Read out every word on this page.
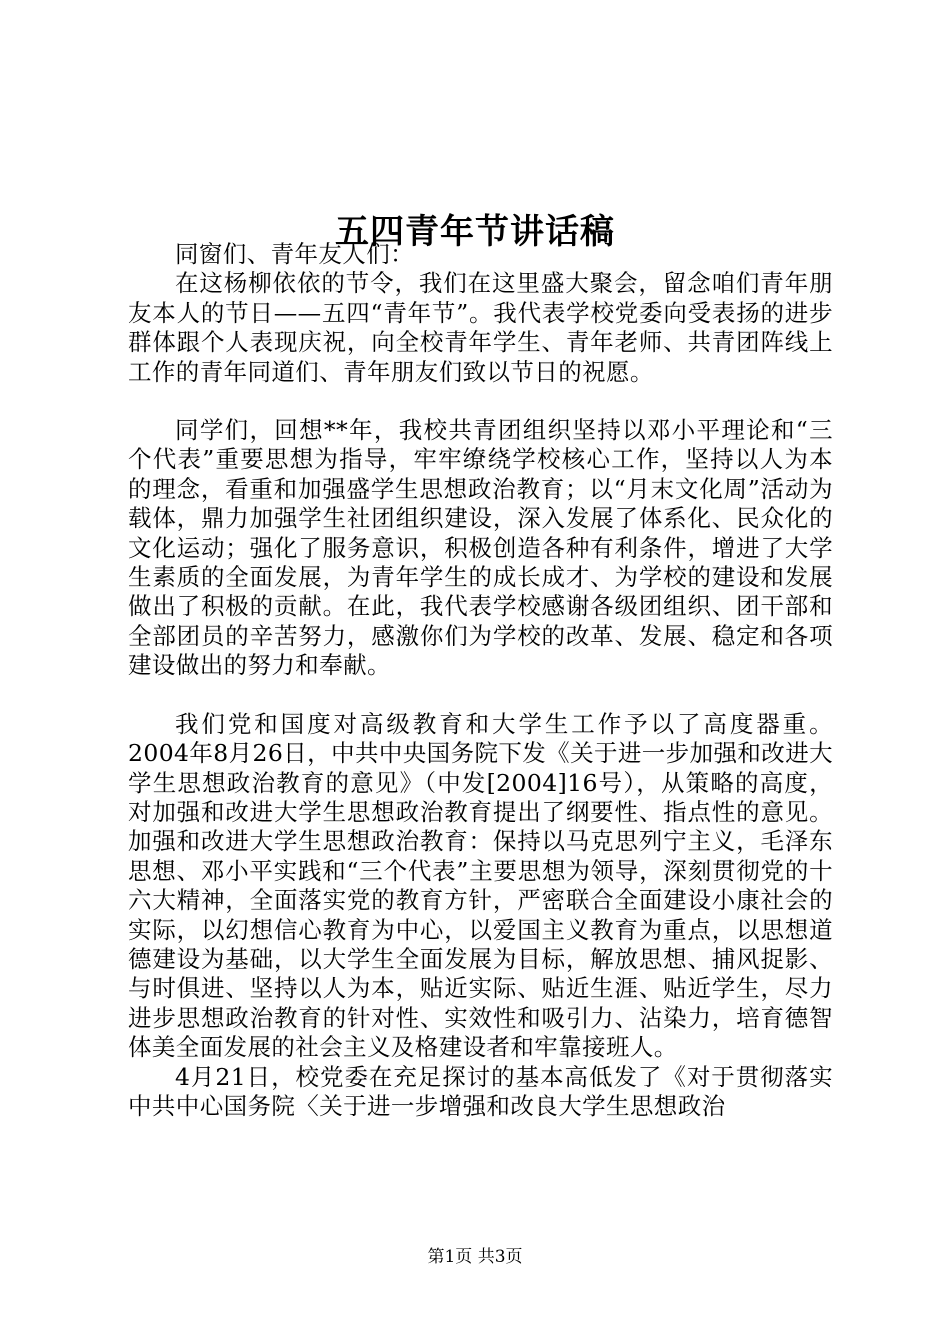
五四青年节讲话稿

同窗们、青年友人们：

在这杨柳依依的节令，我们在这里盛大聚会，留念咱们青年朋友本人的节日——五四“青年节”。我代表学校党委向受表扬的进步群体跟个人表现庆祝，向全校青年学生、青年老师、共青团阵线上工作的青年同道们、青年朋友们致以节日的祝愿。

同学们，回想**年，我校共青团组织坚持以邓小平理论和“三个代表”重要思想为指导，牢牢缭绕学校核心工作，坚持以人为本的理念，看重和加强盛学生思想政治教育；以“月末文化周”活动为载体，鼎力加强学生社团组织建设，深入发展了体系化、民众化的文化运动；强化了服务意识，积极创造各种有利条件，增进了大学生素质的全面发展，为青年学生的成长成才、为学校的建设和发展做出了积极的贡献。在此，我代表学校感谢各级团组织、团干部和全部团员的辛苦努力，感激你们为学校的改革、发展、稳定和各项建设做出的努力和奉献。

我们党和国度对高级教育和大学生工作予以了高度器重。2004年8月26日，中共中央国务院下发《关于进一步加强和改进大学生思想政治教育的意见》（中发[2004]16号），从策略的高度，对加强和改进大学生思想政治教育提出了纲要性、指点性的意见。加强和改进大学生思想政治教育：保持以马克思列宁主义，毛泽东思想、邓小平实践和“三个代表”主要思想为领导，深刻贯彻党的十六大精神，全面落实党的教育方针，严密联合全面建设小康社会的实际，以幻想信心教育为中心，以爱国主义教育为重点，以思想道德建设为基础，以大学生全面发展为目标，解放思想、捕风捉影、与时俱进、坚持以人为本，贴近实际、贴近生涯、贴近学生，尽力进步思想政治教育的针对性、实效性和吸引力、沾染力，培育德智体美全面发展的社会主义及格建设者和牢靠接班人。

4月21日，校党委在充足探讨的基本高低发了《对于贯彻落实中共中心国务院〈关于进一步增强和改良大学生思想政治

第1页 共3页
